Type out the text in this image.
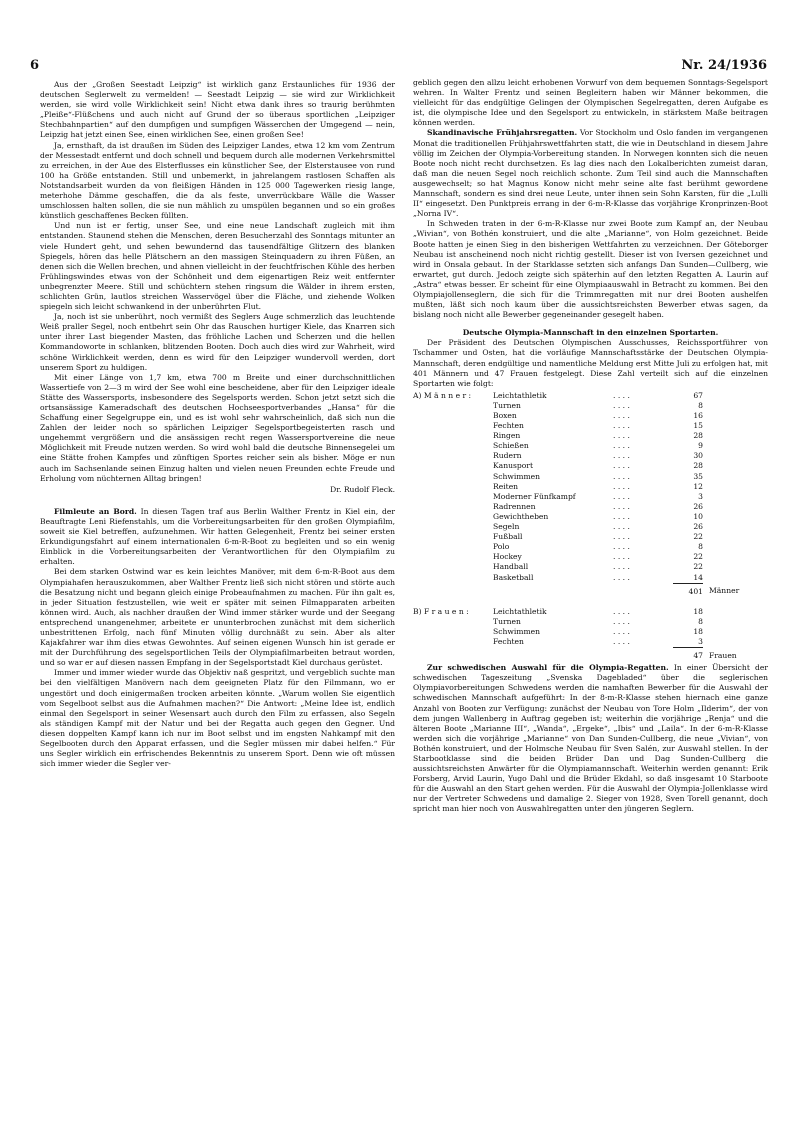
6	Nr. 24/1936

Aus der „Großen Seestadt Leipzig“ ist wirklich ganz Erstaunliches für 1936 der deutschen Seglerwelt zu vermelden! — Seestadt Leipzig — sie wird zur Wirklichkeit werden, sie wird volle Wirklichkeit sein! Nicht etwa dank ihres so traurig berühmten „Pleiße“-Flüßchens und auch nicht auf Grund der so überaus sportlichen „Leipziger Stechbahnpartien“ auf den dumpfigen und sumpfigen Wässerchen der Umgegend — nein, Leipzig hat jetzt einen See, einen wirklichen See, einen großen See!

Ja, ernsthaft, da ist draußen im Süden des Leipziger Landes, etwa 12 km vom Zentrum der Messestadt entfernt und doch schnell und bequem durch alle modernen Verkehrsmittel zu erreichen, in der Aue des Elsterflusses ein künstlicher See, der Elsterstausee von rund 100 ha Größe entstanden. Still und unbemerkt, in jahrelangem rastlosen Schaffen als Notstandsarbeit wurden da von fleißigen Händen in 125 000 Tagewerken riesig lange, meterhohe Dämme geschaffen, die da als feste, unverrückbare Wälle die Wasser umschlossen halten sollen, die sie nun mählich zu umspülen begannen und so ein großes künstlich geschaffenes Becken füllten.

Und nun ist er fertig, unser See, und eine neue Landschaft zugleich mit ihm entstanden. Staunend stehen die Menschen, deren Besucherzahl des Sonntags mitunter an viele Hundert geht, und sehen bewundernd das tausendfältige Glitzern des blanken Spiegels, hören das helle Plätschern an den massigen Steinquadern zu ihren Füßen, an denen sich die Wellen brechen, und ahnen vielleicht in der feuchtfrischen Kühle des herben Frühlingswindes etwas von der Schönheit und dem eigenartigen Reiz weit entfernter unbegrenzter Meere. Still und schüchtern stehen ringsum die Wälder in ihrem ersten, schlichten Grün, lautlos streichen Wasservögel über die Fläche, und ziehende Wolken spiegeln sich leicht schwankend in der unberührten Flut.

Ja, noch ist sie unberührt, noch vermißt des Seglers Auge schmerzlich das leuchtende Weiß praller Segel, noch entbehrt sein Ohr das Rauschen hurtiger Kiele, das Knarren sich unter ihrer Last biegender Masten, das fröhliche Lachen und Scherzen und die hellen Kommandoworte in schlanken, blitzenden Booten. Doch auch dies wird zur Wahrheit, wird schöne Wirklichkeit werden, denn es wird für den Leipziger wundervoll werden, dort unserem Sport zu huldigen.

Mit einer Länge von 1,7 km, etwa 700 m Breite und einer durchschnittlichen Wassertiefe von 2—3 m wird der See wohl eine bescheidene, aber für den Leipziger ideale Stätte des Wassersports, insbesondere des Segelsports werden. Schon jetzt setzt sich die ortsansässige Kameradschaft des deutschen Hochseesportverbandes „Hansa“ für die Schaffung einer Segelgruppe ein, und es ist wohl sehr wahrscheinlich, daß sich nun die Zahlen der leider noch so spärlichen Leipziger Segelsportbegeisterten rasch und ungehemmt vergrößern und die ansässigen recht regen Wassersportvereine die neue Möglichkeit mit Freude nutzen werden. So wird wohl bald die deutsche Binnensegelei um eine Stätte frohen Kampfes und zünftigen Sportes reicher sein als bisher. Möge er nun auch im Sachsenlande seinen Einzug halten und vielen neuen Freunden echte Freude und Erholung vom nüchternen Alltag bringen!

Dr. Rudolf Fleck.

Filmleute an Bord. In diesen Tagen traf aus Berlin Walther Frentz in Kiel ein, der Beauftragte Leni Riefenstahls, um die Vorbereitungsarbeiten für den großen Olympiafilm, soweit sie Kiel betreffen, aufzunehmen. Wir hatten Gelegenheit, Frentz bei seiner ersten Erkundigungsfahrt auf einem internationalen 6-m-R-Boot zu begleiten und so ein wenig Einblick in die Vorbereitungsarbeiten der Verantwortlichen für den Olympiafilm zu erhalten.

Bei dem starken Ostwind war es kein leichtes Manöver, mit dem 6-m-R-Boot aus dem Olympiahafen herauszukommen, aber Walther Frentz ließ sich nicht stören und störte auch die Besatzung nicht und begann gleich einige Probeaufnahmen zu machen. Für ihn galt es, in jeder Situation festzustellen, wie weit er später mit seinen Filmapparaten arbeiten können wird. Auch, als nachher draußen der Wind immer stärker wurde und der Seegang entsprechend unangenehmer, arbeitete er ununterbrochen zunächst mit dem sicherlich unbestrittenen Erfolg, nach fünf Minuten völlig durchnäßt zu sein. Aber als alter Kajakfahrer war ihm dies etwas Gewohntes. Auf seinen eigenen Wunsch hin ist gerade er mit der Durchführung des segelsportlichen Teils der Olympiafilmarbeiten betraut worden, und so war er auf diesen nassen Empfang in der Segelsportstadt Kiel durchaus gerüstet.

Immer und immer wieder wurde das Objektiv naß gespritzt, und vergeblich suchte man bei den vielfältigen Manövern nach dem geeigneten Platz für den Filmmann, wo er ungestört und doch einigermaßen trocken arbeiten könnte. „Warum wollen Sie eigentlich vom Segelboot selbst aus die Aufnahmen machen?“ Die Antwort: „Meine Idee ist, endlich einmal den Segelsport in seiner Wesensart auch durch den Film zu erfassen, also Segeln als ständigen Kampf mit der Natur und bei der Regatta auch gegen den Gegner. Und diesen doppelten Kampf kann ich nur im Boot selbst und im engsten Nahkampf mit den Segelbooten durch den Apparat erfassen, und die Segler müssen mir dabei helfen.“ Für uns Segler wirklich ein erfrischendes Bekenntnis zu unserem Sport. Denn wie oft müssen sich immer wieder die Segler ver-

geblich gegen den allzu leicht erhobenen Vorwurf von dem bequemen Sonntags-Segelsport wehren. In Walter Frentz und seinen Begleitern haben wir Männer bekommen, die vielleicht für das endgültige Gelingen der Olympischen Segelregatten, deren Aufgabe es ist, die olympische Idee und den Segelsport zu entwickeln, in stärkstem Maße beitragen können werden.

Skandinavische Frühjahrsregatten. Vor Stockholm und Oslo fanden im vergangenen Monat die traditionellen Frühjahrswettfahrten statt, die wie in Deutschland in diesem Jahre völlig im Zeichen der Olympia-Vorbereitung standen. In Norwegen konnten sich die neuen Boote noch nicht recht durchsetzen. Es lag dies nach den Lokalberichten zumeist daran, daß man die neuen Segel noch reichlich schonte. Zum Teil sind auch die Mannschaften ausgewechselt; so hat Magnus Konow nicht mehr seine alte fast berühmt gewordene Mannschaft, sondern es sind drei neue Leute, unter ihnen sein Sohn Karsten, für die „Lulli II“ eingesetzt. Den Punktpreis errang in der 6-m-R-Klasse das vorjährige Kronprinzen-Boot „Norna IV“.

In Schweden traten in der 6-m-R-Klasse nur zwei Boote zum Kampf an, der Neubau „Wivian“, von Bothén konstruiert, und die alte „Marianne“, von Holm gezeichnet. Beide Boote hatten je einen Sieg in den bisherigen Wettfahrten zu verzeichnen. Der Göteborger Neubau ist anscheinend noch nicht richtig gestellt. Dieser ist von Iversen gezeichnet und wird in Onsala gebaut. In der Starklasse setzten sich anfangs Dan Sunden—Cullberg, wie erwartet, gut durch. Jedoch zeigte sich späterhin auf den letzten Regatten A. Laurin auf „Astra“ etwas besser. Er scheint für eine Olympiaauswahl in Betracht zu kommen. Bei den Olympiajollenseglern, die sich für die Trimmregatten mit nur drei Booten aushelfen mußten, läßt sich noch kaum über die aussichtsreichsten Bewerber etwas sagen, da bislang noch nicht alle Bewerber gegeneinander gesegelt haben.

Deutsche Olympia-Mannschaft in den einzelnen Sportarten.

Der Präsident des Deutschen Olympischen Ausschusses, Reichssportführer von Tschammer und Osten, hat die vorläufige Mannschaftsstärke der Deutschen Olympia-Mannschaft, deren endgültige und namentliche Meldung erst Mitte Juli zu erfolgen hat, mit 401 Männern und 47 Frauen festgelegt. Diese Zahl verteilt sich auf die einzelnen Sportarten wie folgt:

A) M ä n n e r :	Leichtathletik	. . . .	67	
	Turnen	. . . .	8	
	Boxen	. . . .	16	
	Fechten	. . . .	15	
	Ringen	. . . .	28	
	Schießen	. . . .	9	
	Rudern	. . . .	30	
	Kanusport	. . . .	28	
	Schwimmen	. . . .	35	
	Reiten	. . . .	12	
	Moderner Fünfkampf	. . . .	3	
	Radrennen	. . . .	26	
	Gewichtheben	. . . .	10	
	Segeln	. . . .	26	
	Fußball	. . . .	22	
	Polo	. . . .	8	
	Hockey	. . . .	22	
	Handball	. . . .	22	
	Basketball	. . . .	14	
			401	Männer
B) F r a u e n :	Leichtathletik	. . . .	18	
	Turnen	. . . .	8	
	Schwimmen	. . . .	18	
	Fechten	. . . .	3	
			47	Frauen

Zur schwedischen Auswahl für die Olympia-Regatten. In einer Übersicht der schwedischen Tageszeitung „Svenska Dagebladed“ über die seglerischen Olympiavorbereitungen Schwedens werden die namhaften Bewerber für die Auswahl der schwedischen Mannschaft aufgeführt: In der 8-m-R-Klasse stehen hiernach eine ganze Anzahl von Booten zur Verfügung: zunächst der Neubau von Tore Holm „Ilderim“, der von dem jungen Wallenberg in Auftrag gegeben ist; weiterhin die vorjährige „Renja“ und die älteren Boote „Marianne III“, „Wanda“, „Ergeke“, „Ibis“ und „Laila“. In der 6-m-R-Klasse werden sich die vorjährige „Marianne“ von Dan Sunden-Cullberg, die neue „Vivian“, von Bothén konstruiert, und der Holmsche Neubau für Sven Salén, zur Auswahl stellen. In der Starbootklasse sind die beiden Brüder Dan und Dag Sunden-Cullberg die aussichtsreichsten Anwärter für die Olympiamannschaft. Weiterhin werden genannt: Erik Forsberg, Arvid Laurin, Yugo Dahl und die Brüder Ekdahl, so daß insgesamt 10 Starboote für die Auswahl an den Start gehen werden. Für die Auswahl der Olympia-Jollenklasse wird nur der Vertreter Schwedens und damalige 2. Sieger von 1928, Sven Torell genannt, doch spricht man hier noch von Auswahlregatten unter den jüngeren Seglern.
